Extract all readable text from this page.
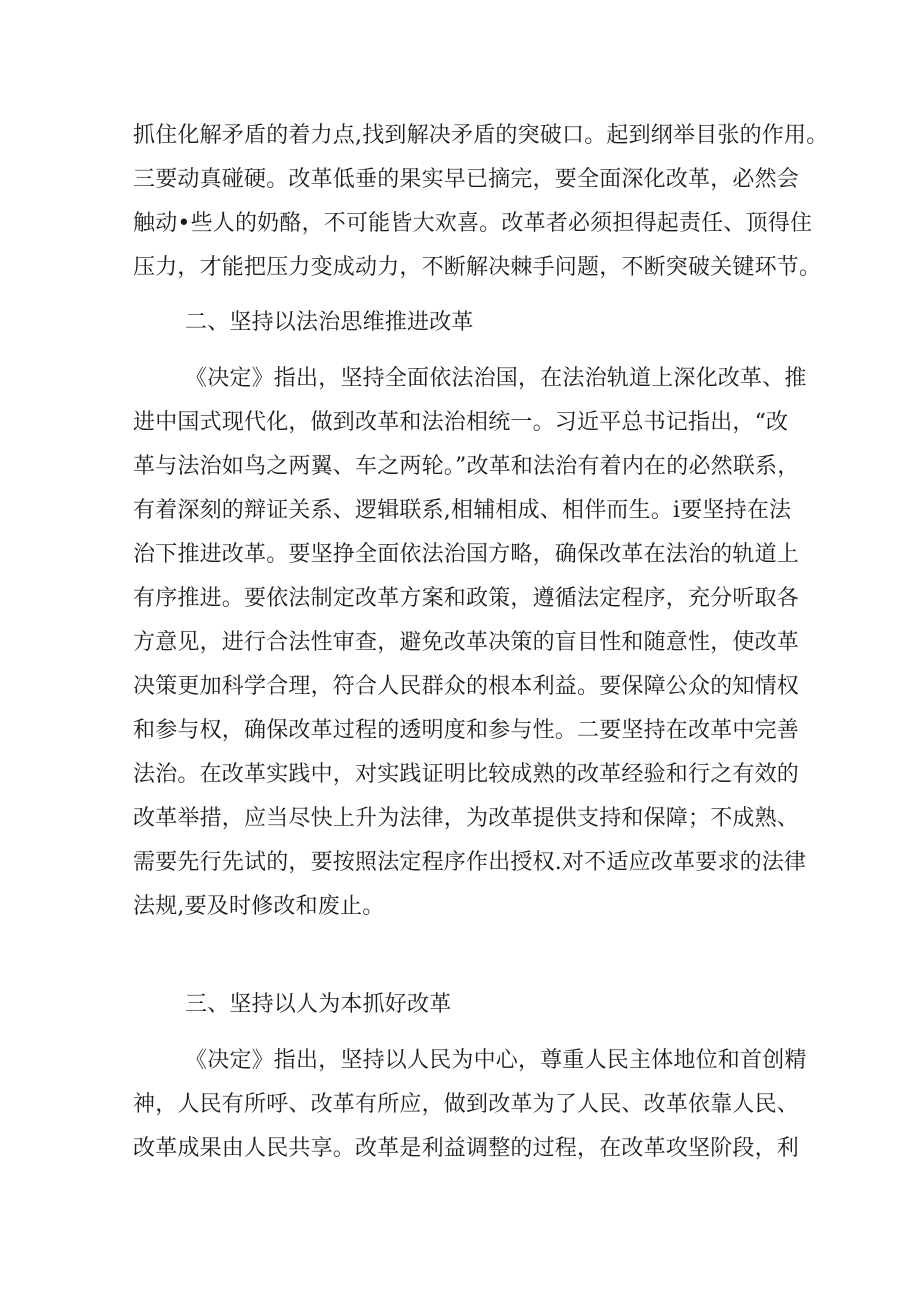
抓住化解矛盾的着力点,找到解决矛盾的突破口。起到纲举目张的作用。
三要动真碰硬。改革低垂的果实早已摘完，要全面深化改革，必然会
触动•些人的奶酪，不可能皆大欢喜。改革者必须担得起责任、顶得住
压力，才能把压力变成动力，不断解决棘手问题，不断突破关键环节。
二、坚持以法治思维推进改革
《决定》指出，坚持全面依法治国，在法治轨道上深化改革、推
进中国式现代化，做到改革和法治相统一。习近平总书记指出，“改
革与法治如鸟之两翼、车之两轮。”改革和法治有着内在的必然联系，
有着深刻的辩证关系、逻辑联系,相辅相成、相伴而生。i要坚持在法
治下推进改革。要坚挣全面依法治国方略，确保改革在法治的轨道上
有序推进。要依法制定改革方案和政策，遵循法定程序，充分听取各
方意见，进行合法性审查，避免改革决策的盲目性和随意性，使改革
决策更加科学合理，符合人民群众的根本利益。要保障公众的知情权
和参与权，确保改革过程的透明度和参与性。二要坚持在改革中完善
法治。在改革实践中，对实践证明比较成熟的改革经验和行之有效的
改革举措，应当尽快上升为法律，为改革提供支持和保障；不成熟、
需要先行先试的，要按照法定程序作出授权.对不适应改革要求的法律
法规,要及时修改和废止。
三、坚持以人为本抓好改革
《决定》指出，坚持以人民为中心，尊重人民主体地位和首创精
神，人民有所呼、改革有所应，做到改革为了人民、改革依靠人民、
改革成果由人民共享。改革是利益调整的过程，在改革攻坚阶段，利
